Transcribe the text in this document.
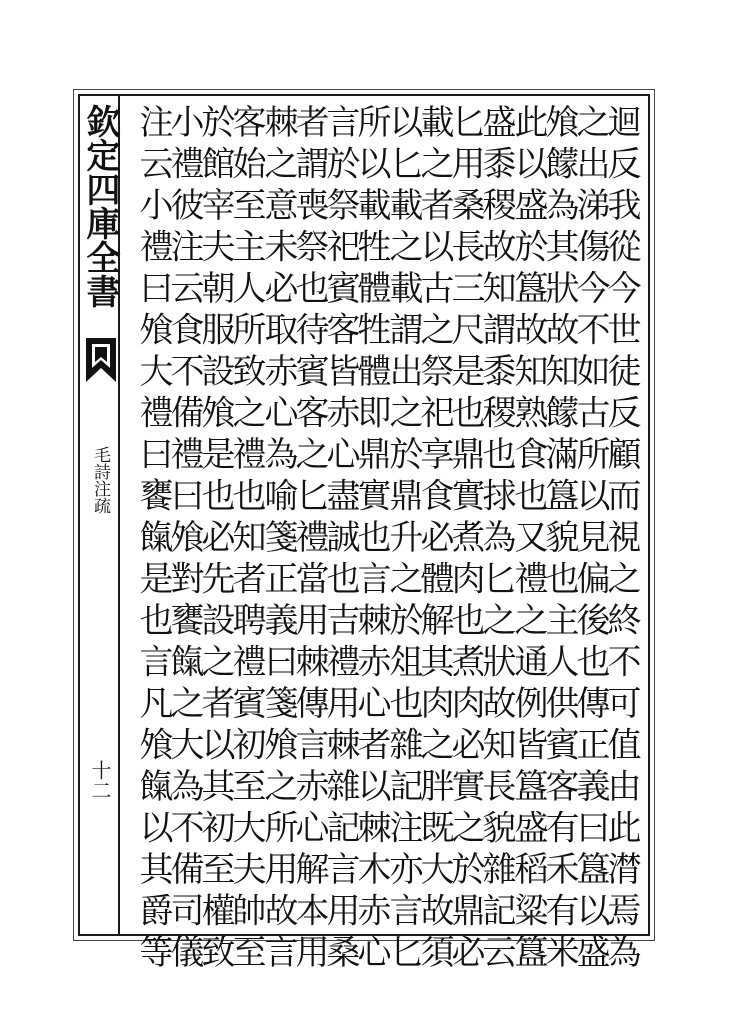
欽定四庫全書
毛詩注疏
十二	迴反我從今世徒反顧而視之終不可值由此潸焉為
之出涕傷今不如古所以見偏後也傳正義曰簋以盛
飧饛為其狀故知饛滿簋貌也主人供賓客有禾有米
此以盛於簋故知熟食也又禮之通例皆簋盛稻粱簋
盛黍稷故知謂黍稷也捄為匕之狀故知長貌雜記云
匕用桑長三尺是也鼎實煮肉也煮肉必實之於鼎必
載之者以古之祭祀享食必體解其肉之胖既大故須
以匕載之載謂出之於鼎升之於俎也雜記注亦言匕
所以載牲體牲體即鼎實也言棘赤心者以棘木赤心
言於祭祀賓客皆赤心盡誠也吉禮用棘雜記言用桑
者謂喪祭也待賓客之匕禮當用棘傳言赤心解本用
棘之意未必取赤心為喻箋正義曰箋飧之所用故言
客始至主人所致之禮也知者聘禮賓初至大夫帥至
於館宰夫朝服設飧是也必先設之者以其初至權致
小禮彼注云食不備禮曰飧對饔餼之大為不備司儀
注云小禮曰飧大禮曰饔餼是也言凡飧餼以其爵等
